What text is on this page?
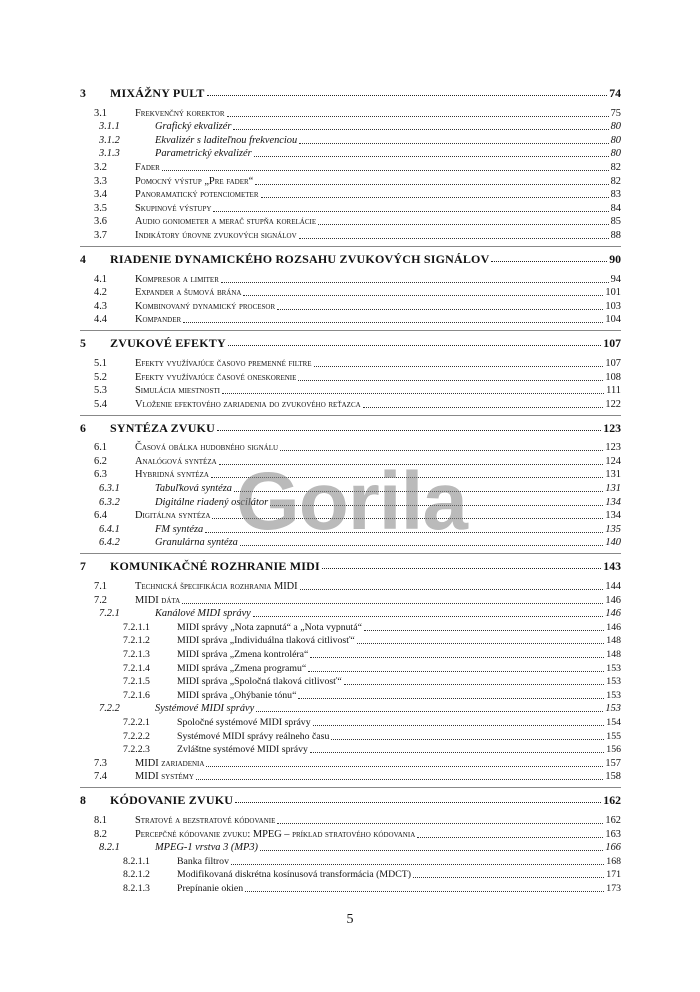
3	MIXÁŽNY PULT	74
3.1	Frekvenčný korektor	75
3.1.1	Grafický ekvalizér	80
3.1.2	Ekvalizér s laditeľnou frekvenciou	80
3.1.3	Parametrický ekvalizér	80
3.2	Fader	82
3.3	Pomocný výstup „Pre fader“	82
3.4	Panoramatický potenciometer	83
3.5	Skupinové výstupy	84
3.6	Audio goniometer a merač stupňa korelácie	85
3.7	Indikátory úrovne zvukových signálov	88
4	RIADENIE DYNAMICKÉHO ROZSAHU ZVUKOVÝCH SIGNÁLOV	90
4.1	Kompresor a limiter	94
4.2	Expander a šumová brána	101
4.3	Kombinovaný dynamický procesor	103
4.4	Kompander	104
5	ZVUKOVÉ EFEKTY	107
5.1	Efekty využívajúce časovo premenné filtre	107
5.2	Efekty využívajúce časové oneskorenie	108
5.3	Simulácia miestnosti	111
5.4	Vloženie efektového zariadenia do zvukového reťazca	122
6	SYNTÉZA ZVUKU	123
6.1	Časová obálka hudobného signálu	123
6.2	Analógová syntéza	124
6.3	Hybridná syntéza	131
6.3.1	Tabuľková syntéza	131
6.3.2	Digitálne riadený oscilátor	134
6.4	Digitálna syntéza	134
6.4.1	FM syntéza	135
6.4.2	Granulárna syntéza	140
7	KOMUNIKAČNÉ ROZHRANIE MIDI	143
7.1	Technická špecifikácia rozhrania MIDI	144
7.2	MIDI dáta	146
7.2.1	Kanálové MIDI správy	146
7.2.1.1	MIDI správy „Nota zapnutá“ a „Nota vypnutá“	146
7.2.1.2	MIDI správa „Individuálna tlaková citlivosť“	148
7.2.1.3	MIDI správa „Zmena kontroléra“	148
7.2.1.4	MIDI správa „Zmena programu“	153
7.2.1.5	MIDI správa „Spoločná tlaková citlivosť“	153
7.2.1.6	MIDI správa „Ohýbanie tónu“	153
7.2.2	Systémové MIDI správy	153
7.2.2.1	Spoločné systémové MIDI správy	154
7.2.2.2	Systémové MIDI správy reálneho času	155
7.2.2.3	Zvláštne systémové MIDI správy	156
7.3	MIDI zariadenia	157
7.4	MIDI systémy	158
8	KÓDOVANIE ZVUKU	162
8.1	Stratové a bezstratové kódovanie	162
8.2	Percepčné kódovanie zvuku: MPEG – príklad stratového kódovania	163
8.2.1	MPEG-1 vrstva 3 (MP3)	166
8.2.1.1	Banka filtrov	168
8.2.1.2	Modifikovaná diskrétna kosínusová transformácia (MDCT)	171
8.2.1.3	Prepínanie okien	173
Gorila
5
